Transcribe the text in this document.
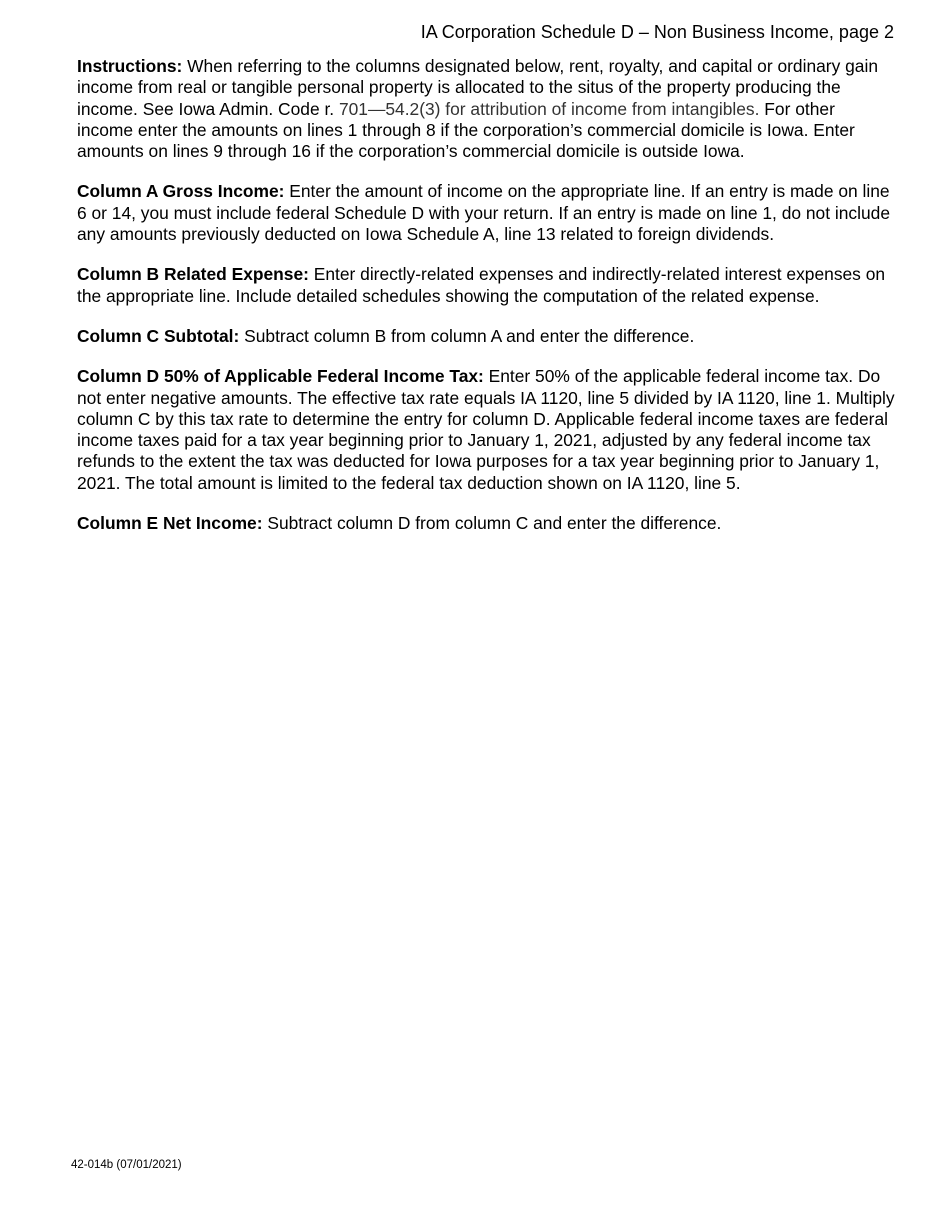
IA Corporation Schedule D – Non Business Income, page 2

Instructions: When referring to the columns designated below, rent, royalty, and capital or ordinary gain income from real or tangible personal property is allocated to the situs of the property producing the income. See Iowa Admin. Code r. 701—54.2(3) for attribution of income from intangibles. For other income enter the amounts on lines 1 through 8 if the corporation’s commercial domicile is Iowa. Enter amounts on lines 9 through 16 if the corporation’s commercial domicile is outside Iowa.

Column A Gross Income: Enter the amount of income on the appropriate line. If an entry is made on line 6 or 14, you must include federal Schedule D with your return. If an entry is made on line 1, do not include any amounts previously deducted on Iowa Schedule A, line 13 related to foreign dividends.

Column B Related Expense: Enter directly-related expenses and indirectly-related interest expenses on the appropriate line. Include detailed schedules showing the computation of the related expense.

Column C Subtotal: Subtract column B from column A and enter the difference.

Column D 50% of Applicable Federal Income Tax: Enter 50% of the applicable federal income tax. Do not enter negative amounts. The effective tax rate equals IA 1120, line 5 divided by IA 1120, line 1. Multiply column C by this tax rate to determine the entry for column D. Applicable federal income taxes are federal income taxes paid for a tax year beginning prior to January 1, 2021, adjusted by any federal income tax refunds to the extent the tax was deducted for Iowa purposes for a tax year beginning prior to January 1, 2021. The total amount is limited to the federal tax deduction shown on IA 1120, line 5.

Column E Net Income: Subtract column D from column C and enter the difference.

42-014b (07/01/2021)
